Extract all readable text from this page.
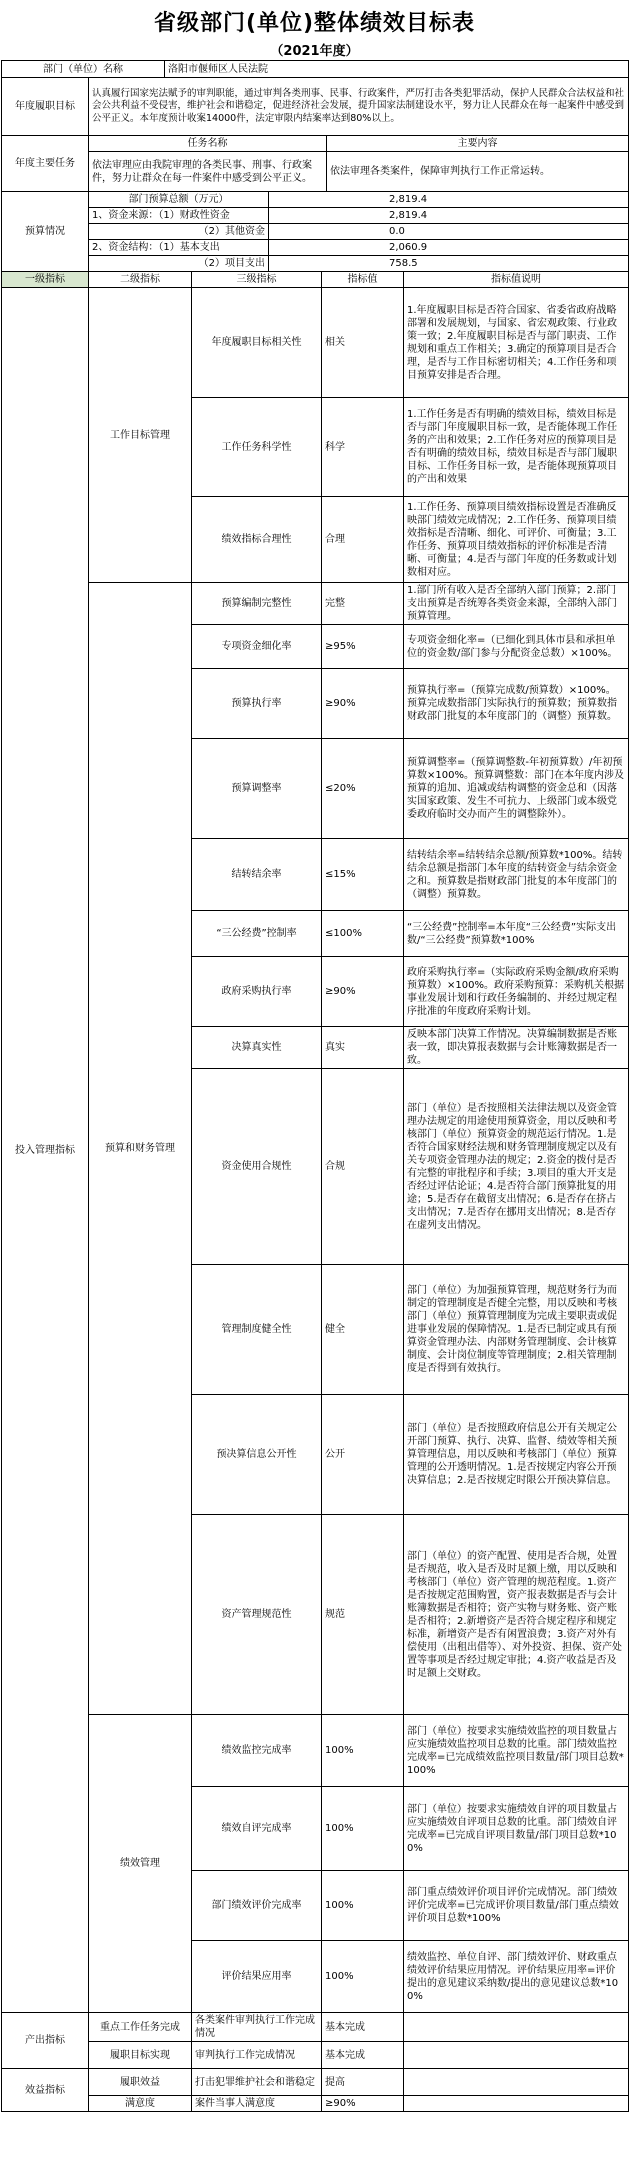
省级部门(单位)整体绩效目标表
（2021年度）
部门（单位）名称		洛阳市偃师区人民法院		
年度履职目标	认真履行国家宪法赋予的审判职能，通过审判各类刑事、民事、行政案件，严厉打击各类犯罪活动，保护人民群众合法权益和社会公共利益不受侵害，维护社会和谐稳定，促进经济社会发展，提升国家法制建设水平，努力让人民群众在每一起案件中感受到公平正义。本年度预计收案14000件，法定审限内结案率达到80%以上。			
年度主要任务	任务名称			主要内容
	依法审理应由我院审理的各类民事、刑事、行政案件，努力让群众在每一件案件中感受到公平正义。			依法审理各类案件，保障审判执行工作正常运转。
预算情况	部门预算总额（万元）		2,819.4	
	1、资金来源：（1）财政性资金		2,819.4	
	（2）其他资金		0.0	
	2、资金结构：（1）基本支出		2,060.9	
	（2）项目支出		758.5	
一级指标	二级指标	三级指标	指标值	指标值说明
投入管理指标	工作目标管理	年度履职目标相关性	相关	1.年度履职目标是否符合国家、省委省政府战略部署和发展规划，与国家、省宏观政策、行业政策一致；2.年度履职目标是否与部门职责、工作规划和重点工作相关；3.确定的预算项目是否合理，是否与工作目标密切相关；4.工作任务和项目预算安排是否合理。
		工作任务科学性	科学	1.工作任务是否有明确的绩效目标，绩效目标是否与部门年度履职目标一致，是否能体现工作任务的产出和效果；2.工作任务对应的预算项目是否有明确的绩效目标，绩效目标是否与部门履职目标、工作任务目标一致，是否能体现预算项目的产出和效果
		绩效指标合理性	合理	1.工作任务、预算项目绩效指标设置是否准确反映部门绩效完成情况；2.工作任务、预算项目绩效指标是否清晰、细化、可评价、可衡量；3.工作任务、预算项目绩效指标的评价标准是否清晰、可衡量；4.是否与部门年度的任务数或计划数相对应。
	预算和财务管理	预算编制完整性	完整	1.部门所有收入是否全部纳入部门预算；2.部门支出预算是否统筹各类资金来源，全部纳入部门预算管理。
		专项资金细化率	≥95%	专项资金细化率=（已细化到具体市县和承担单位的资金数/部门参与分配资金总数）×100%。
		预算执行率	≥90%	预算执行率=（预算完成数/预算数）×100%。预算完成数指部门实际执行的预算数；预算数指财政部门批复的本年度部门的（调整）预算数。
		预算调整率	≤20%	预算调整率=（预算调整数-年初预算数）/年初预算数×100%。预算调整数：部门在本年度内涉及预算的追加、追减或结构调整的资金总和（因落实国家政策、发生不可抗力、上级部门或本级党委政府临时交办而产生的调整除外）。
		结转结余率	≤15%	结转结余率=结转结余总额/预算数*100%。结转结余总额是指部门本年度的结转资金与结余资金之和。预算数是指财政部门批复的本年度部门的（调整）预算数。
		“三公经费”控制率	≤100%	“三公经费”控制率=本年度“三公经费”实际支出数/“三公经费”预算数*100%
		政府采购执行率	≥90%	政府采购执行率=（实际政府采购金额/政府采购预算数）×100%。政府采购预算：采购机关根据事业发展计划和行政任务编制的、并经过规定程序批准的年度政府采购计划。
		决算真实性	真实	反映本部门决算工作情况。决算编制数据是否账表一致，即决算报表数据与会计账簿数据是否一致。
		资金使用合规性	合规	部门（单位）是否按照相关法律法规以及资金管理办法规定的用途使用预算资金，用以反映和考核部门（单位）预算资金的规范运行情况。1.是否符合国家财经法规和财务管理制度规定以及有关专项资金管理办法的规定；2.资金的拨付是否有完整的审批程序和手续；3.项目的重大开支是否经过评估论证；4.是否符合部门预算批复的用途；5.是否存在截留支出情况；6.是否存在挤占支出情况；7.是否存在挪用支出情况；8.是否存在虚列支出情况。
		管理制度健全性	健全	部门（单位）为加强预算管理，规范财务行为而制定的管理制度是否健全完整，用以反映和考核部门（单位）预算管理制度为完成主要职责或促进事业发展的保障情况。1.是否已制定或具有预算资金管理办法、内部财务管理制度、会计核算制度、会计岗位制度等管理制度；2.相关管理制度是否得到有效执行。
		预决算信息公开性	公开	部门（单位）是否按照政府信息公开有关规定公开部门预算、执行、决算、监督、绩效等相关预算管理信息，用以反映和考核部门（单位）预算管理的公开透明情况。1.是否按规定内容公开预决算信息；2.是否按规定时限公开预决算信息。
		资产管理规范性	规范	部门（单位）的资产配置、使用是否合规，处置是否规范，收入是否及时足额上缴，用以反映和考核部门（单位）资产管理的规范程度。1.资产是否按规定范围购置，资产报表数据是否与会计账簿数据是否相符；资产实物与财务账、资产账是否相符；2.新增资产是否符合规定程序和规定标准，新增资产是否有闲置浪费；3.资产对外有偿使用（出租出借等）、对外投资、担保、资产处置等事项是否经过规定审批；4.资产收益是否及时足额上交财政。
	绩效管理	绩效监控完成率	100%	部门（单位）按要求实施绩效监控的项目数量占应实施绩效监控项目总数的比重。部门绩效监控完成率=已完成绩效监控项目数量/部门项目总数*100%
		绩效自评完成率	100%	部门（单位）按要求实施绩效自评的项目数量占应实施绩效自评项目总数的比重。部门绩效自评完成率=已完成自评项目数量/部门项目总数*100%
		部门绩效评价完成率	100%	部门重点绩效评价项目评价完成情况。部门绩效评价完成率=已完成评价项目数量/部门重点绩效评价项目总数*100%
		评价结果应用率	100%	绩效监控、单位自评、部门绩效评价、财政重点绩效评价结果应用情况。评价结果应用率=评价提出的意见建议采纳数/提出的意见建议总数*100%
产出指标	重点工作任务完成	各类案件审判执行工作完成情况	基本完成	
	履职目标实现	审判执行工作完成情况	基本完成	
效益指标	履职效益	打击犯罪维护社会和谐稳定	提高	
	满意度	案件当事人满意度	≥90%	
